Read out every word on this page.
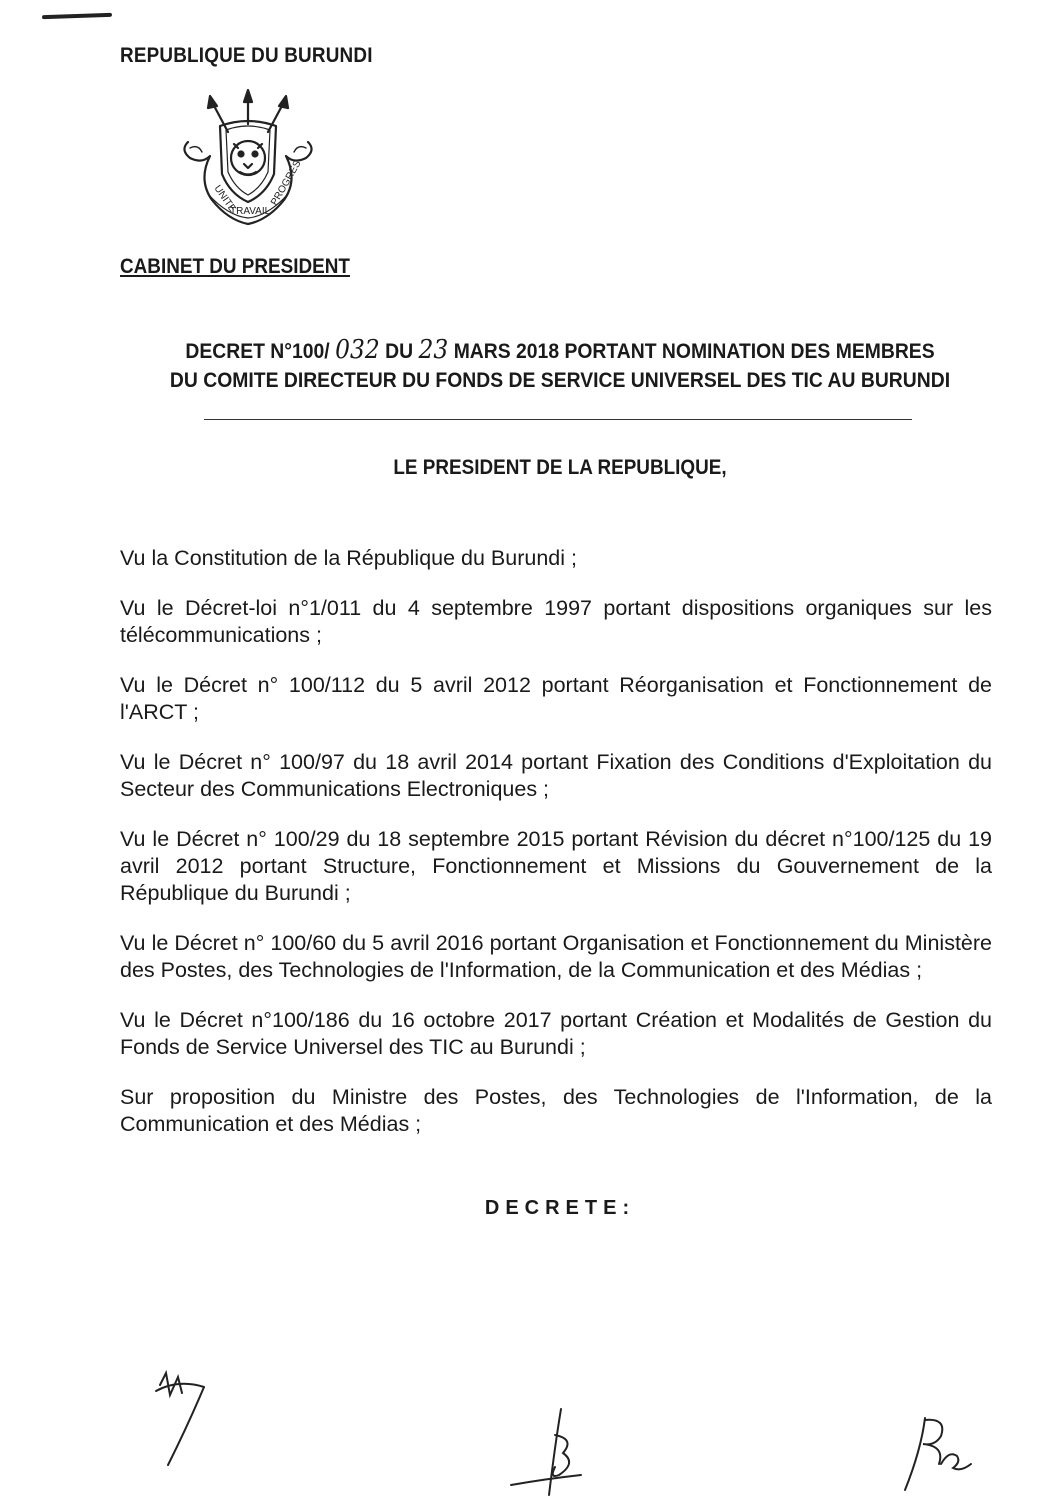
REPUBLIQUE DU BURUNDI
UNITE
TRAVAIL
PROGRES
CABINET DU PRESIDENT
DECRET N°100/ 032 DU 23 MARS 2018 PORTANT NOMINATION DES MEMBRES
DU COMITE DIRECTEUR DU FONDS DE SERVICE UNIVERSEL DES TIC AU BURUNDI
LE PRESIDENT DE LA REPUBLIQUE,

Vu la Constitution de la République du Burundi ;

Vu le Décret-loi n°1/011 du 4 septembre 1997 portant dispositions organiques sur les télécommunications ;

Vu le Décret n° 100/112 du 5 avril 2012 portant Réorganisation et Fonctionnement de l'ARCT ;

Vu le Décret n° 100/97 du 18 avril 2014 portant Fixation des Conditions d'Exploitation du Secteur des Communications Electroniques ;

Vu le Décret n° 100/29 du 18 septembre 2015 portant Révision du décret n°100/125 du 19 avril 2012 portant Structure, Fonctionnement et Missions du Gouvernement de la République du Burundi ;

Vu le Décret n° 100/60 du 5 avril 2016 portant Organisation et Fonctionnement du Ministère des Postes, des Technologies de l'Information, de la Communication et des Médias ;

Vu le Décret n°100/186 du 16 octobre 2017 portant Création et Modalités de Gestion du Fonds de Service Universel des TIC au Burundi ;

Sur proposition du Ministre des Postes, des Technologies de l'Information, de la Communication et des Médias ;

DECRETE:
